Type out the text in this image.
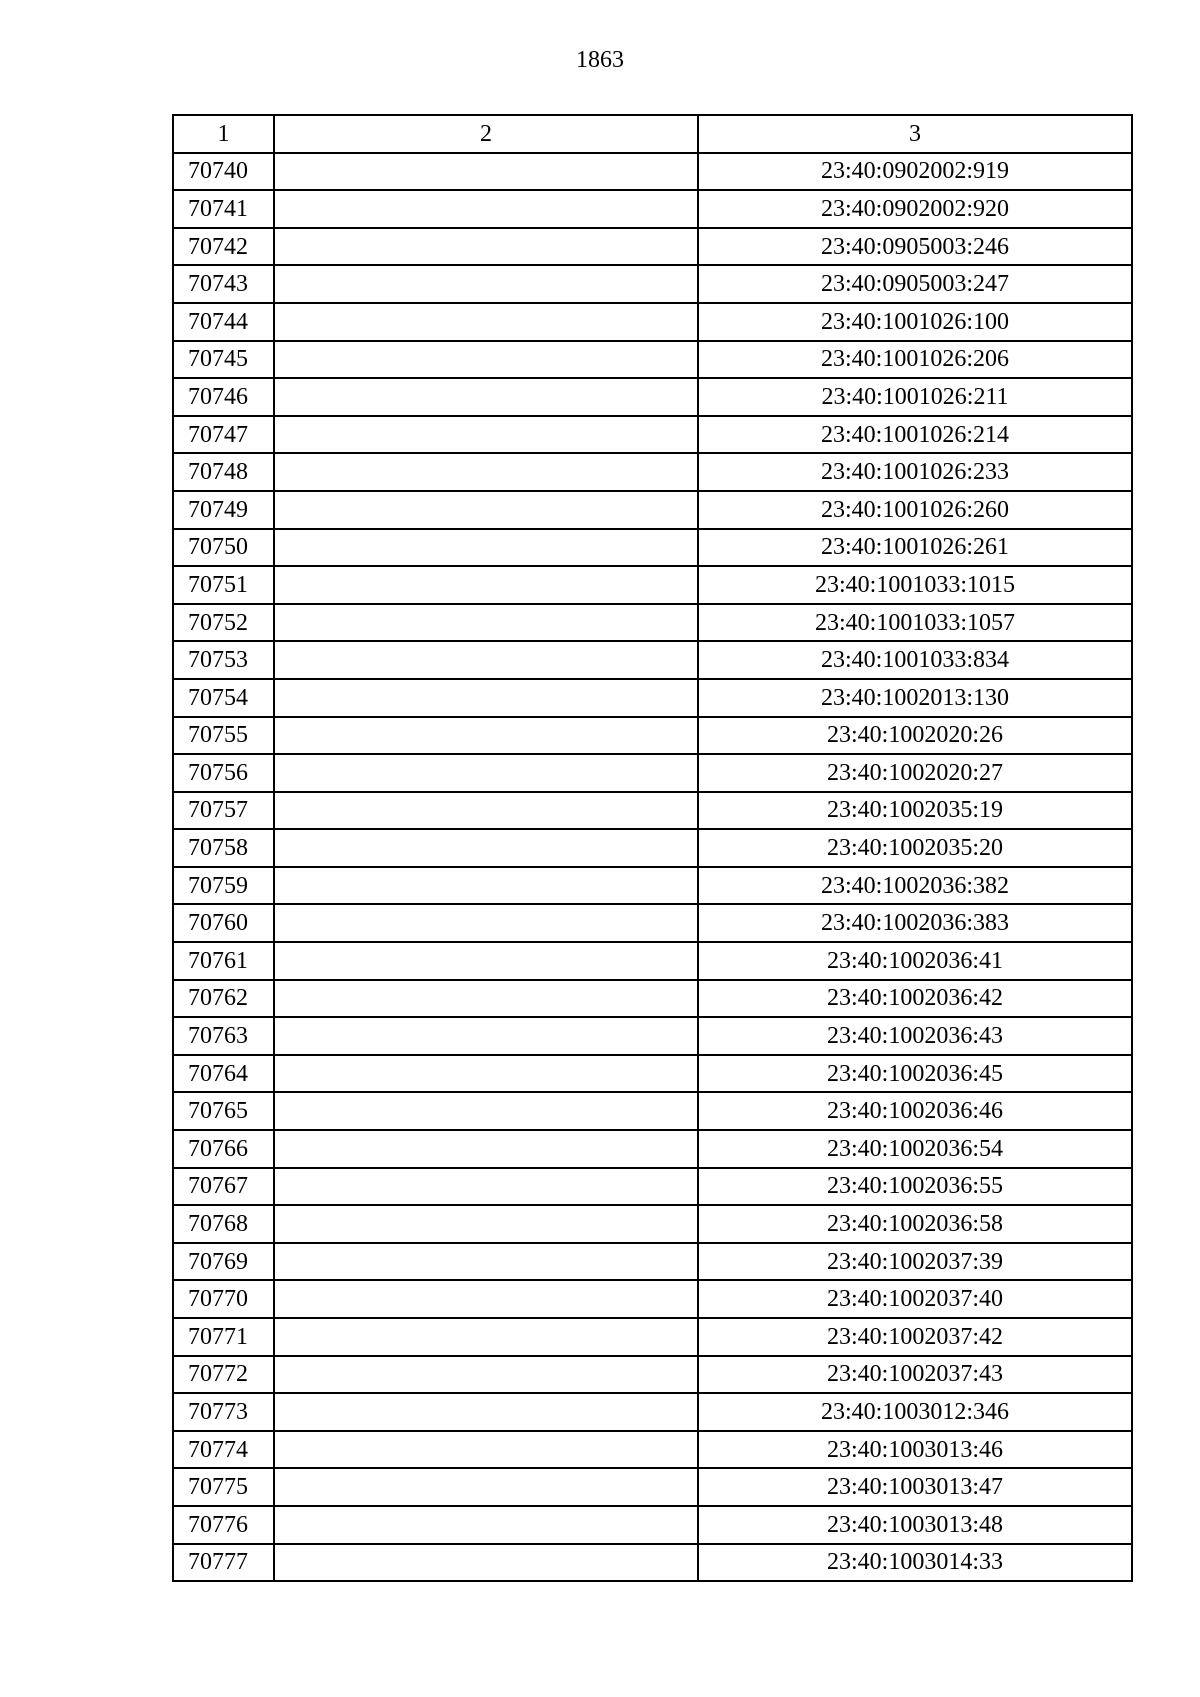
1863
1	2	3
70740		23:40:0902002:919
70741		23:40:0902002:920
70742		23:40:0905003:246
70743		23:40:0905003:247
70744		23:40:1001026:100
70745		23:40:1001026:206
70746		23:40:1001026:211
70747		23:40:1001026:214
70748		23:40:1001026:233
70749		23:40:1001026:260
70750		23:40:1001026:261
70751		23:40:1001033:1015
70752		23:40:1001033:1057
70753		23:40:1001033:834
70754		23:40:1002013:130
70755		23:40:1002020:26
70756		23:40:1002020:27
70757		23:40:1002035:19
70758		23:40:1002035:20
70759		23:40:1002036:382
70760		23:40:1002036:383
70761		23:40:1002036:41
70762		23:40:1002036:42
70763		23:40:1002036:43
70764		23:40:1002036:45
70765		23:40:1002036:46
70766		23:40:1002036:54
70767		23:40:1002036:55
70768		23:40:1002036:58
70769		23:40:1002037:39
70770		23:40:1002037:40
70771		23:40:1002037:42
70772		23:40:1002037:43
70773		23:40:1003012:346
70774		23:40:1003013:46
70775		23:40:1003013:47
70776		23:40:1003013:48
70777		23:40:1003014:33
